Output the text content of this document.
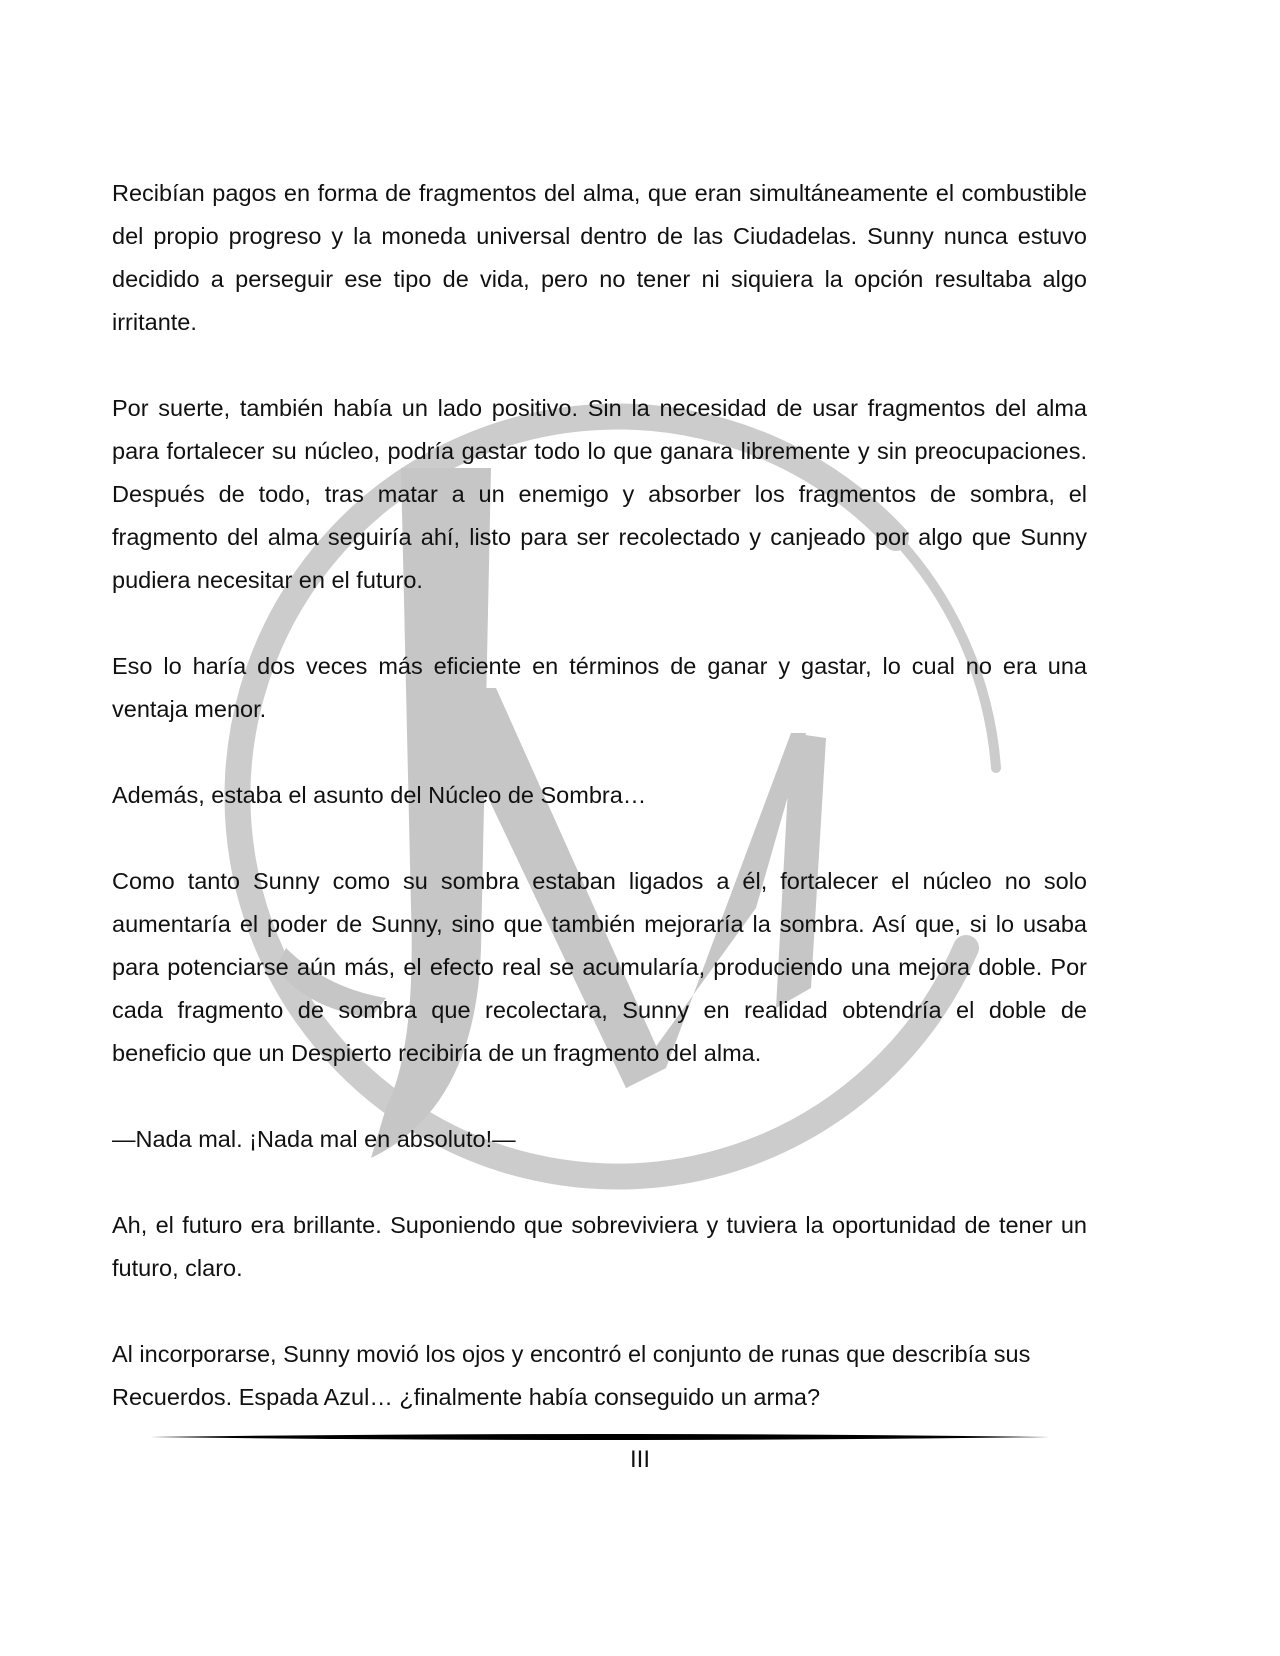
Recibían pagos en forma de fragmentos del alma, que eran simultáneamente el combustible del propio progreso y la moneda universal dentro de las Ciudadelas. Sunny nunca estuvo decidido a perseguir ese tipo de vida, pero no tener ni siquiera la opción resultaba algo irritante.

Por suerte, también había un lado positivo. Sin la necesidad de usar fragmentos del alma para fortalecer su núcleo, podría gastar todo lo que ganara libremente y sin preocupaciones. Después de todo, tras matar a un enemigo y absorber los fragmentos de sombra, el fragmento del alma seguiría ahí, listo para ser recolectado y canjeado por algo que Sunny pudiera necesitar en el futuro.

Eso lo haría dos veces más eficiente en términos de ganar y gastar, lo cual no era una ventaja menor.

Además, estaba el asunto del Núcleo de Sombra…

Como tanto Sunny como su sombra estaban ligados a él, fortalecer el núcleo no solo aumentaría el poder de Sunny, sino que también mejoraría la sombra. Así que, si lo usaba para potenciarse aún más, el efecto real se acumularía, produciendo una mejora doble. Por cada fragmento de sombra que recolectara, Sunny en realidad obtendría el doble de beneficio que un Despierto recibiría de un fragmento del alma.

—Nada mal. ¡Nada mal en absoluto!—

Ah, el futuro era brillante. Suponiendo que sobreviviera y tuviera la oportunidad de tener un futuro, claro.

Al incorporarse, Sunny movió los ojos y encontró el conjunto de runas que describía sus Recuerdos. Espada Azul… ¿finalmente había conseguido un arma?

III
